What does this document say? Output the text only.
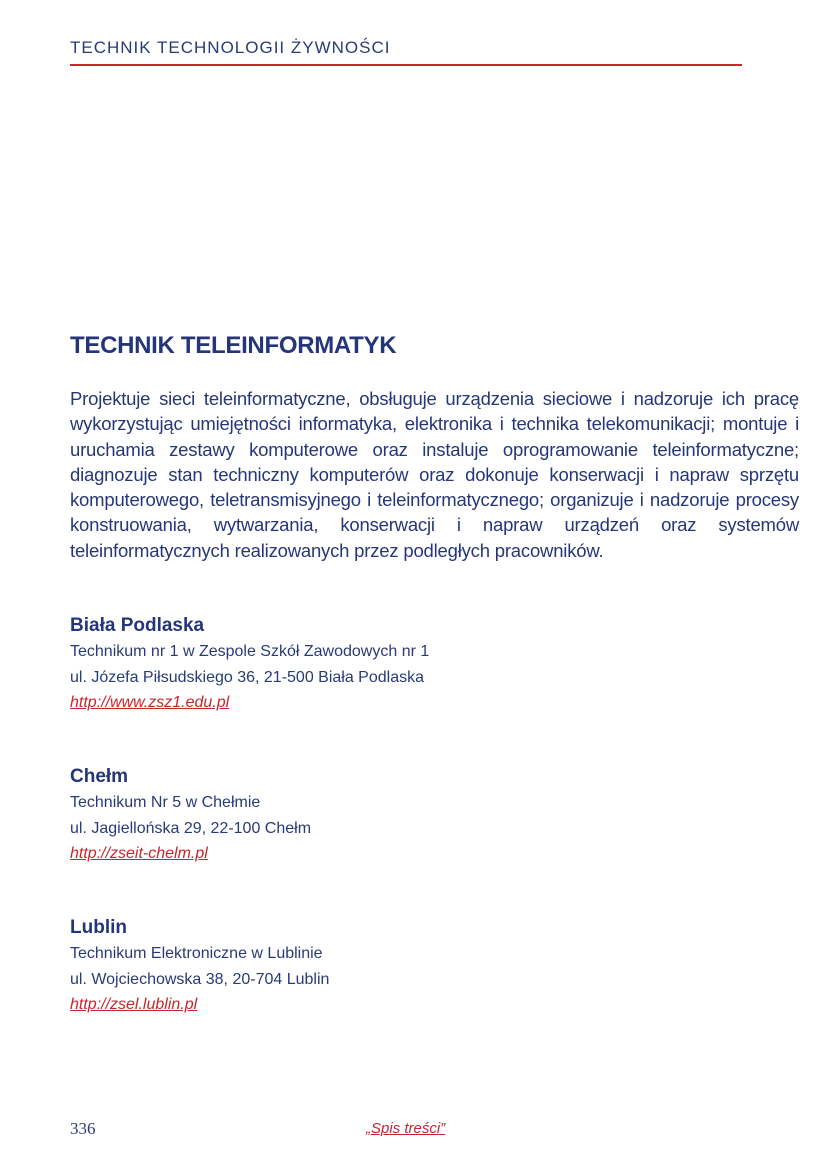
TECHNIK TECHNOLOGII ŻYWNOŚCI
TECHNIK TELEINFORMATYK

Projektuje sieci teleinformatyczne, obsługuje urządzenia sieciowe i nadzoruje ich pracę wykorzystując umiejętności informatyka, elektronika i technika telekomunikacji; montuje i uruchamia zestawy komputerowe oraz instaluje oprogramowanie teleinformatyczne; diagnozuje stan techniczny komputerów oraz dokonuje konserwacji i napraw sprzętu komputerowego, teletransmisyjnego i teleinformatycznego; organizuje i nadzoruje procesy konstruowania, wytwarzania, konserwacji i napraw urządzeń oraz systemów teleinformatycznych realizowanych przez podległych pracowników.

Biała Podlaska

Technikum nr 1 w Zespole Szkół Zawodowych nr 1

ul. Józefa Piłsudskiego 36, 21-500 Biała Podlaska

http://www.zsz1.edu.pl

Chełm

Technikum Nr 5 w Chełmie

ul. Jagiellońska 29, 22-100 Chełm

http://zseit-chelm.pl

Lublin

Technikum Elektroniczne w Lublinie

ul. Wojciechowska 38, 20-704 Lublin

http://zsel.lublin.pl
336	„Spis treści”
